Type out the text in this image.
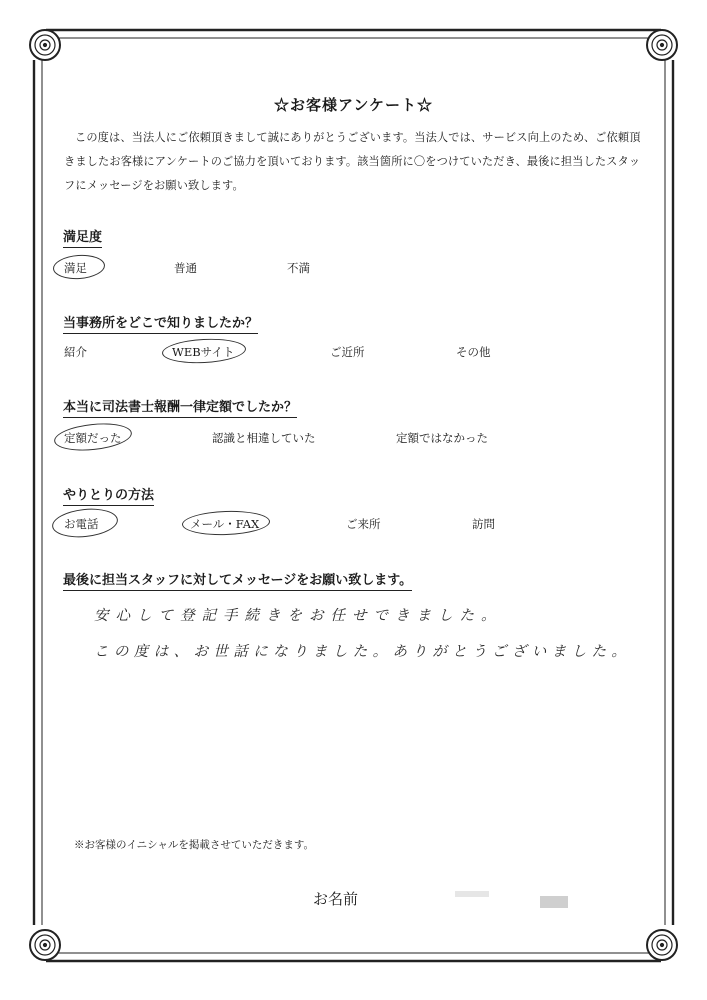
☆お客様アンケート☆
この度は、当法人にご依頼頂きまして誠にありがとうございます。当法人では、サービス向上のため、ご依頼頂きましたお客様にアンケートのご協力を頂いております。該当箇所に〇をつけていただき、最後に担当したスタッフにメッセージをお願い致します。
満足度
満足	普通	不満
当事務所をどこで知りましたか？
紹介	WEBサイト	ご近所	その他
本当に司法書士報酬一律定額でしたか？
定額だった	認識と相違していた	定額ではなかった
やりとりの方法
お電話	メール・FAX	ご来所	訪問
最後に担当スタッフに対してメッセージをお願い致します。
安心して登記手続きをお任せできました。
この度は、お世話になりました。ありがとうございました。
※お客様のイニシャルを掲載させていただきます。
お名前
